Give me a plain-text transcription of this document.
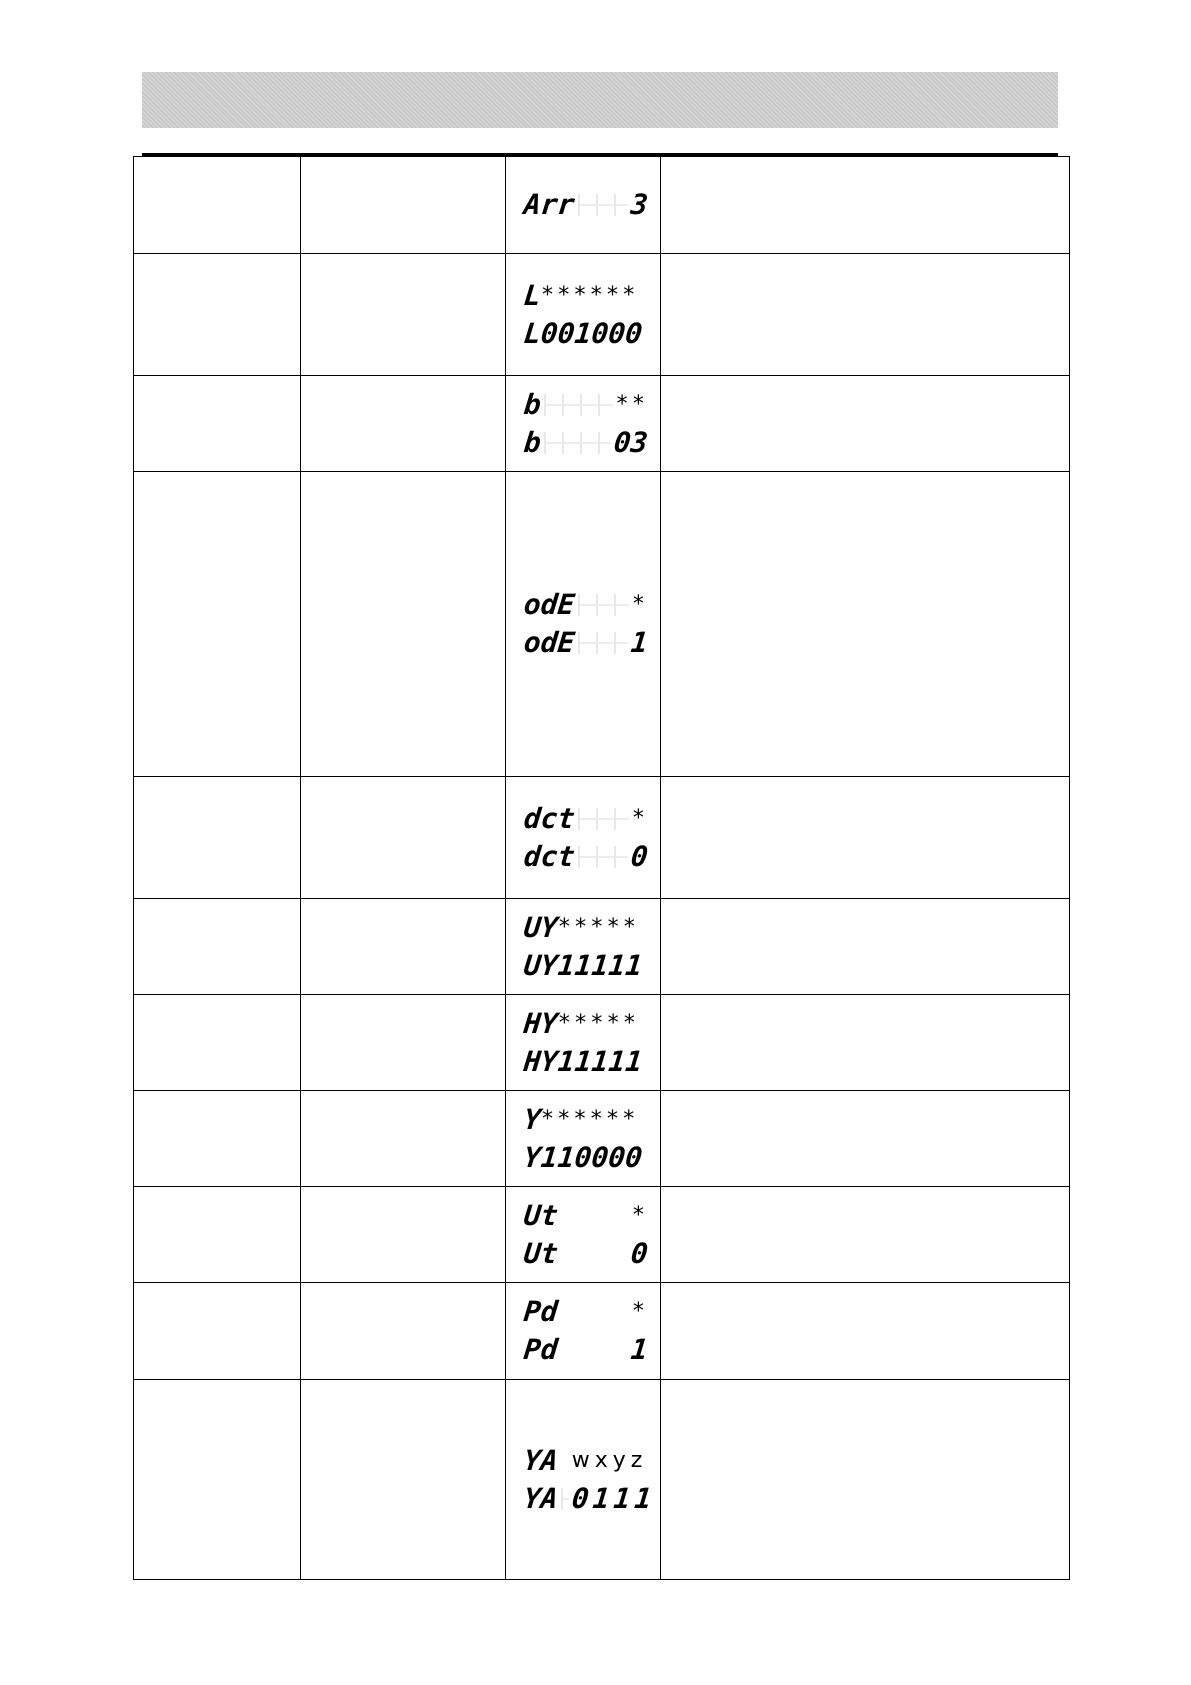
		Arr 3	

		L
******
L
001000	

		b **
b 03	

		odE *
odE 1	

		dct *
dct 0	

		UY
*****
UY
11111	

		HY
*****
HY
11111	

		Y
******
Y
110000	

		Ut *
Ut 0	

		Pd *
Pd 1	

		YA wxyz
YA 0111	
